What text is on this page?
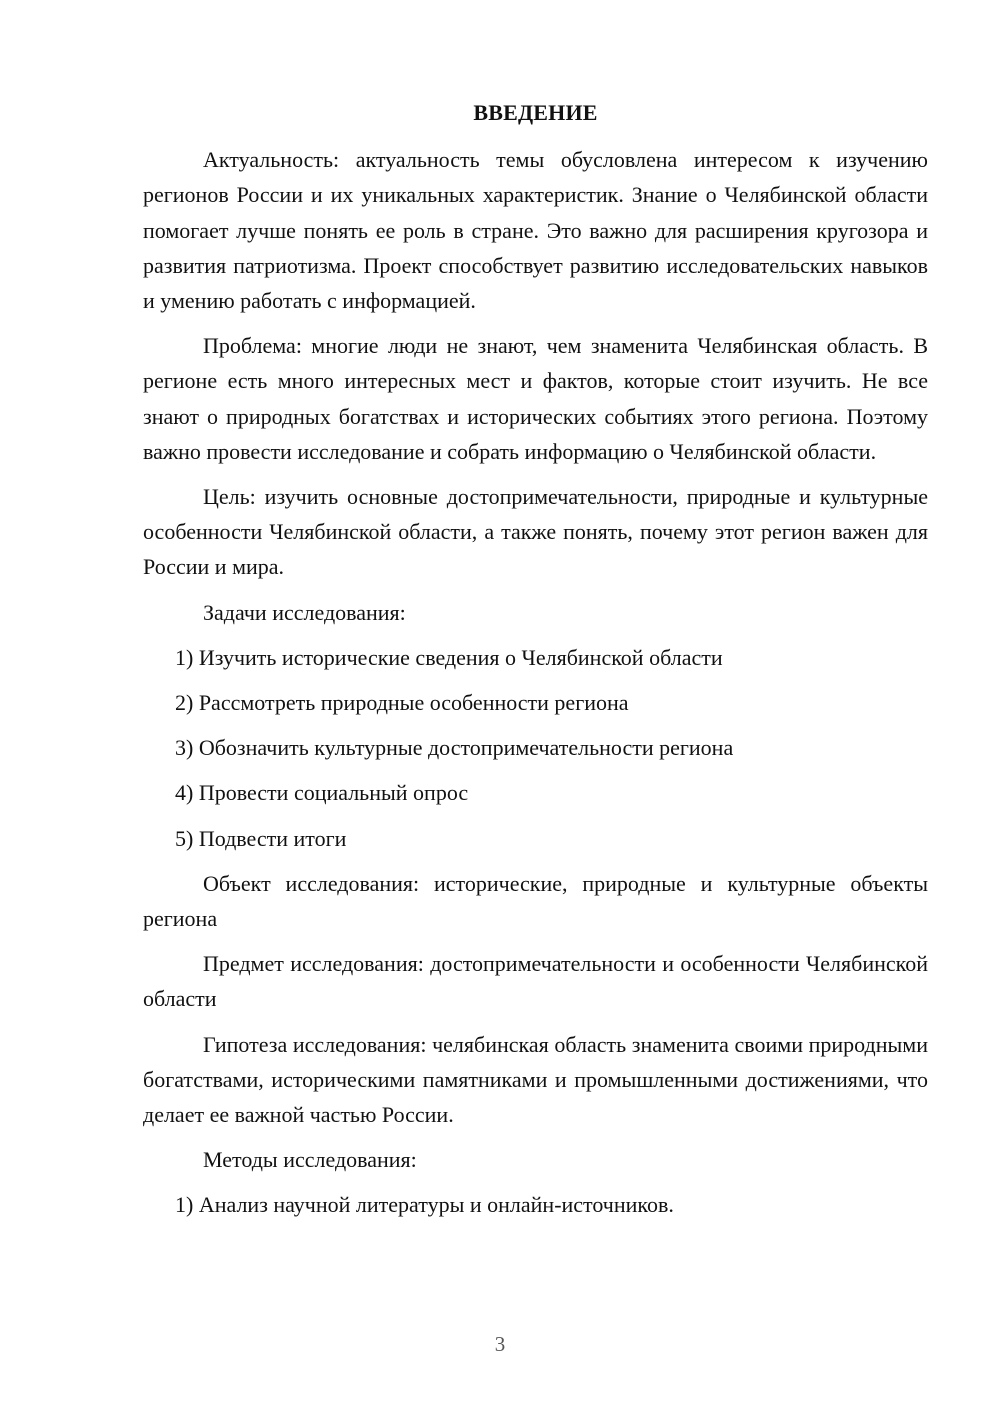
ВВЕДЕНИЕ

Актуальность: актуальность темы обусловлена интересом к изучению регионов России и их уникальных характеристик. Знание о Челябинской области помогает лучше понять ее роль в стране. Это важно для расширения кругозора и развития патриотизма. Проект способствует развитию исследовательских навыков и умению работать с информацией.

Проблема: многие люди не знают, чем знаменита Челябинская область. В регионе есть много интересных мест и фактов, которые стоит изучить. Не все знают о природных богатствах и исторических событиях этого региона. Поэтому важно провести исследование и собрать информацию о Челябинской области.

Цель: изучить основные достопримечательности, природные и культурные особенности Челябинской области, а также понять, почему этот регион важен для России и мира.

Задачи исследования:

1) Изучить исторические сведения о Челябинской области
2) Рассмотреть природные особенности региона
3) Обозначить культурные достопримечательности региона
4) Провести социальный опрос
5) Подвести итоги

Объект исследования: исторические, природные и культурные объекты региона

Предмет исследования: достопримечательности и особенности Челябинской области

Гипотеза исследования: челябинская область знаменита своими природными богатствами, историческими памятниками и промышленными достижениями, что делает ее важной частью России.

Методы исследования:

1) Анализ научной литературы и онлайн-источников.
3
